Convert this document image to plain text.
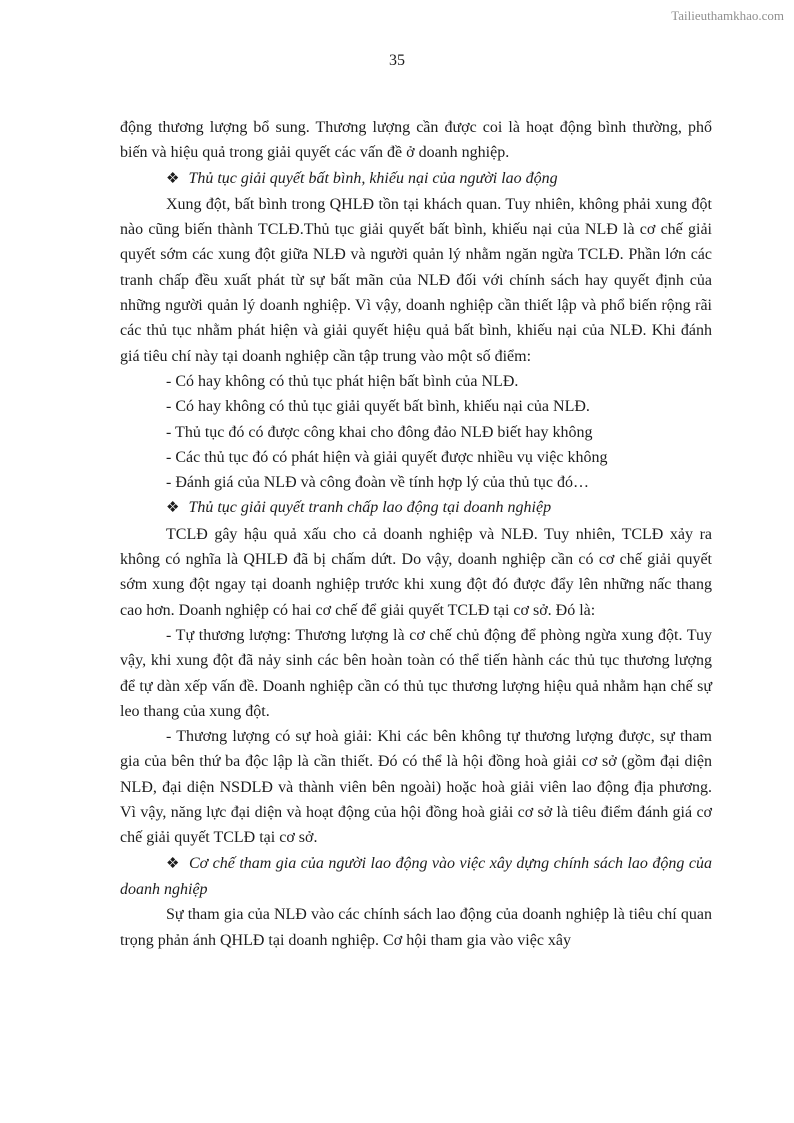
Tailieuthamkhao.com
35

động thương lượng bổ sung. Thương lượng cần được coi là hoạt động bình thường, phổ biến và hiệu quả trong giải quyết các vấn đề ở doanh nghiệp.

❖ Thủ tục giải quyết bất bình, khiếu nại của người lao động

Xung đột, bất bình trong QHLĐ tồn tại khách quan. Tuy nhiên, không phải xung đột nào cũng biến thành TCLĐ.Thủ tục giải quyết bất bình, khiếu nại của NLĐ là cơ chế giải quyết sớm các xung đột giữa NLĐ và người quản lý nhằm ngăn ngừa TCLĐ. Phần lớn các tranh chấp đều xuất phát từ sự bất mãn của NLĐ đối với chính sách hay quyết định của những người quản lý doanh nghiệp. Vì vậy, doanh nghiệp cần thiết lập và phổ biến rộng rãi các thủ tục nhằm phát hiện và giải quyết hiệu quả bất bình, khiếu nại của NLĐ. Khi đánh giá tiêu chí này tại doanh nghiệp cần tập trung vào một số điểm:

- Có hay không có thủ tục phát hiện bất bình của NLĐ.

- Có hay không có thủ tục giải quyết bất bình, khiếu nại của NLĐ.

- Thủ tục đó có được công khai cho đông đảo NLĐ biết hay không

- Các thủ tục đó có phát hiện và giải quyết được nhiều vụ việc không

- Đánh giá của NLĐ và công đoàn về tính hợp lý của thủ tục đó…

❖ Thủ tục giải quyết tranh chấp lao động tại doanh nghiệp

TCLĐ gây hậu quả xấu cho cả doanh nghiệp và NLĐ. Tuy nhiên, TCLĐ xảy ra không có nghĩa là QHLĐ đã bị chấm dứt. Do vậy, doanh nghiệp cần có cơ chế giải quyết sớm xung đột ngay tại doanh nghiệp trước khi xung đột đó được đẩy lên những nấc thang cao hơn. Doanh nghiệp có hai cơ chế để giải quyết TCLĐ tại cơ sở. Đó là:

- Tự thương lượng: Thương lượng là cơ chế chủ động để phòng ngừa xung đột. Tuy vậy, khi xung đột đã nảy sinh các bên hoàn toàn có thể tiến hành các thủ tục thương lượng để tự dàn xếp vấn đề. Doanh nghiệp cần có thủ tục thương lượng hiệu quả nhằm hạn chế sự leo thang của xung đột.

- Thương lượng có sự hoà giải: Khi các bên không tự thương lượng được, sự tham gia của bên thứ ba độc lập là cần thiết. Đó có thể là hội đồng hoà giải cơ sở (gồm đại diện NLĐ, đại diện NSDLĐ và thành viên bên ngoài) hoặc hoà giải viên lao động địa phương. Vì vậy, năng lực đại diện và hoạt động của hội đồng hoà giải cơ sở là tiêu điểm đánh giá cơ chế giải quyết TCLĐ tại cơ sở.

❖ Cơ chế tham gia của người lao động vào việc xây dựng chính sách lao động của doanh nghiệp

Sự tham gia của NLĐ vào các chính sách lao động của doanh nghiệp là tiêu chí quan trọng phản ánh QHLĐ tại doanh nghiệp. Cơ hội tham gia vào việc xây
